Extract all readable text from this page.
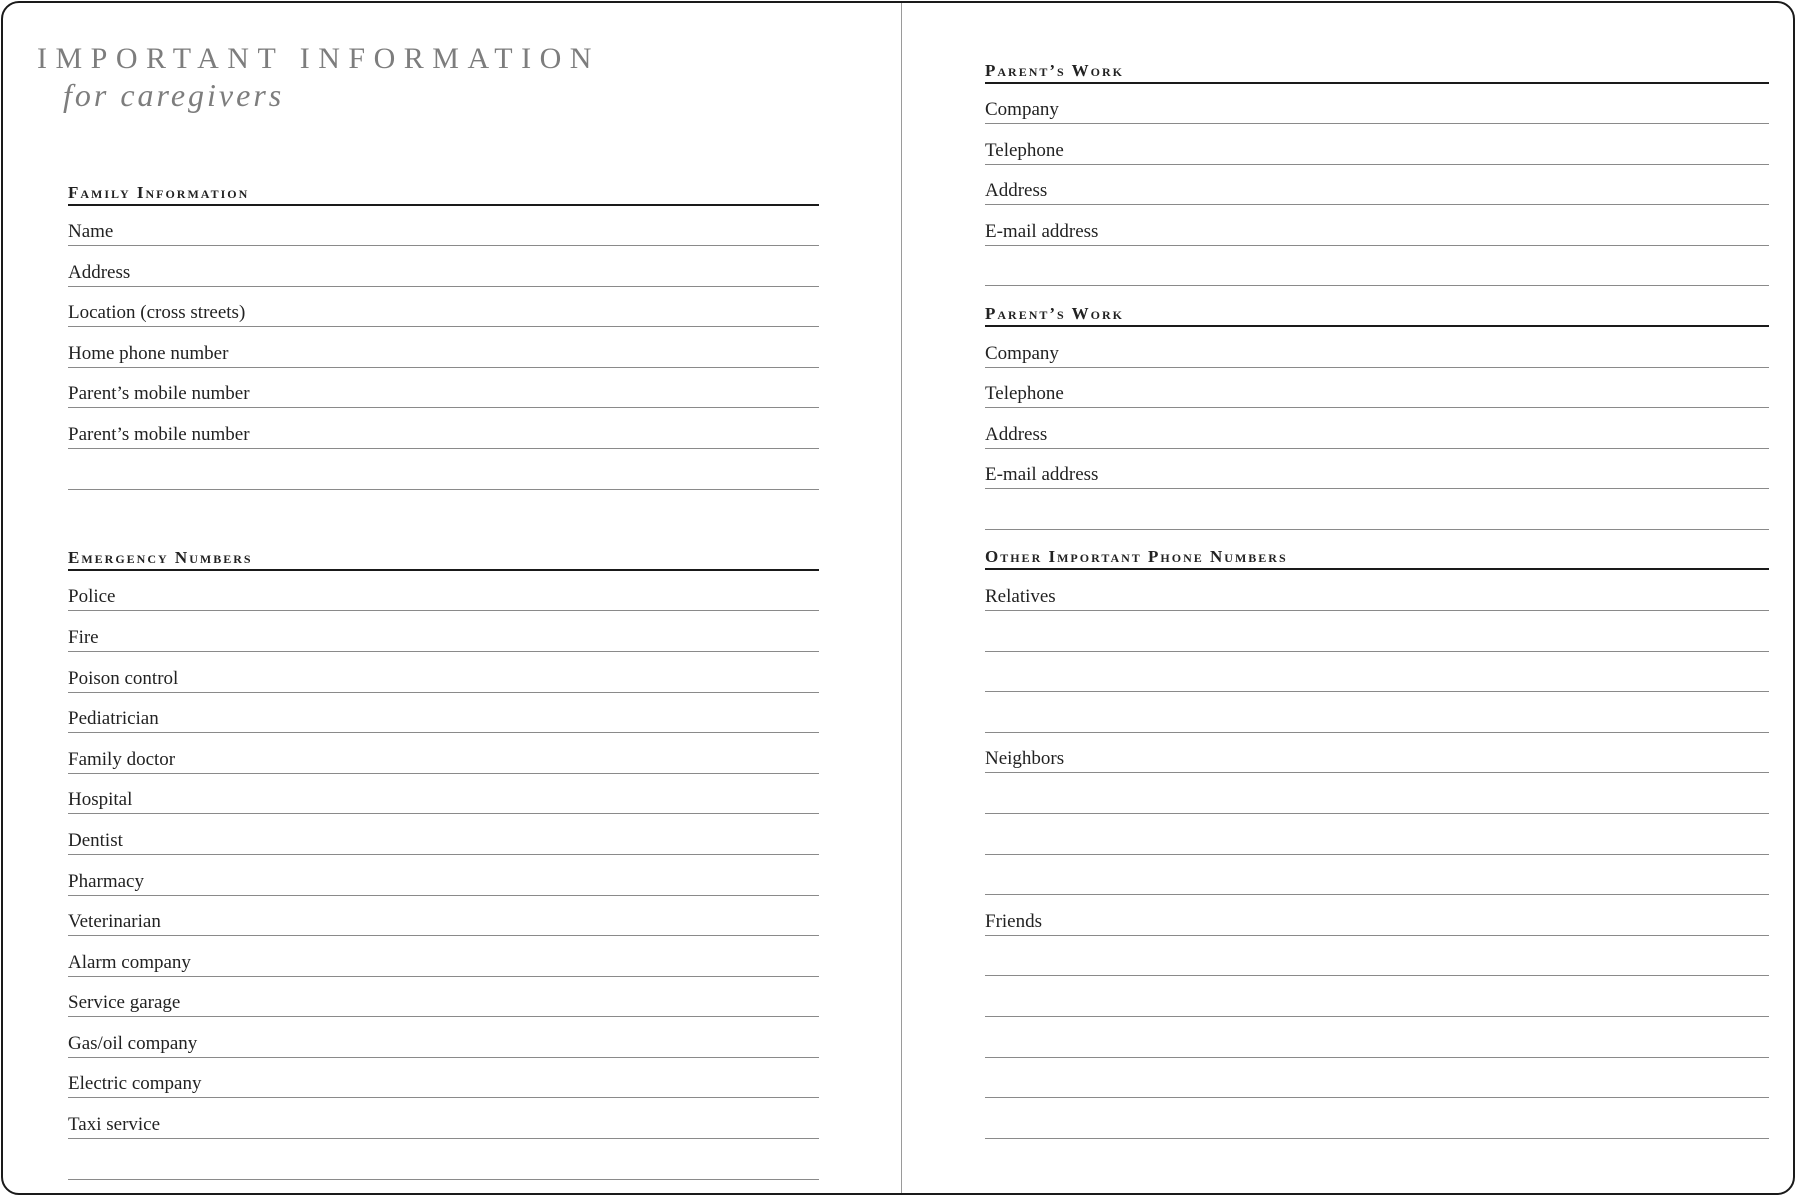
IMPORTANT INFORMATION
for caregivers
Family Information
Name
Address
Location (cross streets)
Home phone number
Parent’s mobile number
Parent’s mobile number
Emergency Numbers
Police
Fire
Poison control
Pediatrician
Family doctor
Hospital
Dentist
Pharmacy
Veterinarian
Alarm company
Service garage
Gas/oil company
Electric company
Taxi service
Parent’s Work
Company
Telephone
Address
E-mail address
Parent’s Work
Company
Telephone
Address
E-mail address
Other Important Phone Numbers
Relatives
Neighbors
Friends
